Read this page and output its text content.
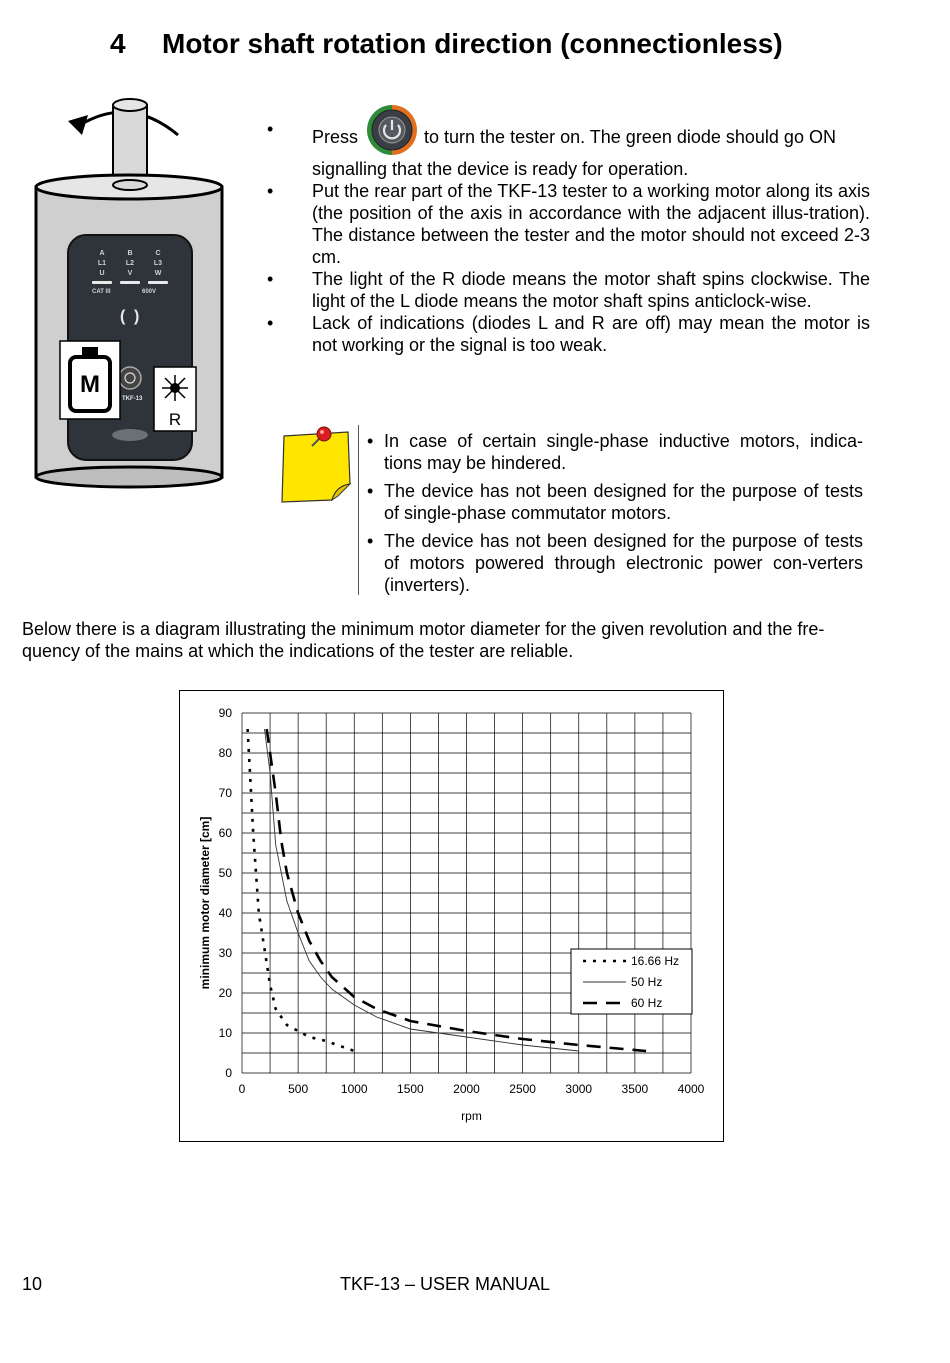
4 Motor shaft rotation direction (connectionless)
A	B	C
L1	L2	L3
U	V	W
CAT III	600V
( )
TKF-13
M
R
• Press	to turn the tester on. The green diode should go ON
signalling that the device is ready for operation.
• Put the rear part of the TKF-13 tester to a working motor along its axis (the position of the axis in accordance with the adjacent illus-tration). The distance between the tester and the motor should not exceed 2-3 cm.
• The light of the R diode means the motor shaft spins clockwise. The light of the L diode means the motor shaft spins anticlock-wise.
• Lack of indications (diodes L and R are off) may mean the motor is not working or the signal is too weak.
• In case of certain single-phase inductive motors, indica-tions may be hindered.
• The device has not been designed for the purpose of tests of single-phase commutator motors.
• The device has not been designed for the purpose of tests of motors powered through electronic power con-verters (inverters).
Below there is a diagram illustrating the minimum motor diameter for the given revolution and the fre-quency of the mains at which the indications of the tester are reliable.
0	500	1000 1500 2000 2500 3000 3500 4000
0
10
20
30
40
50
60
70
80
90
rpm
minimum motor diameter [cm]	16.66 Hz
50 Hz
60 Hz
10	TKF-13 – USER MANUAL
